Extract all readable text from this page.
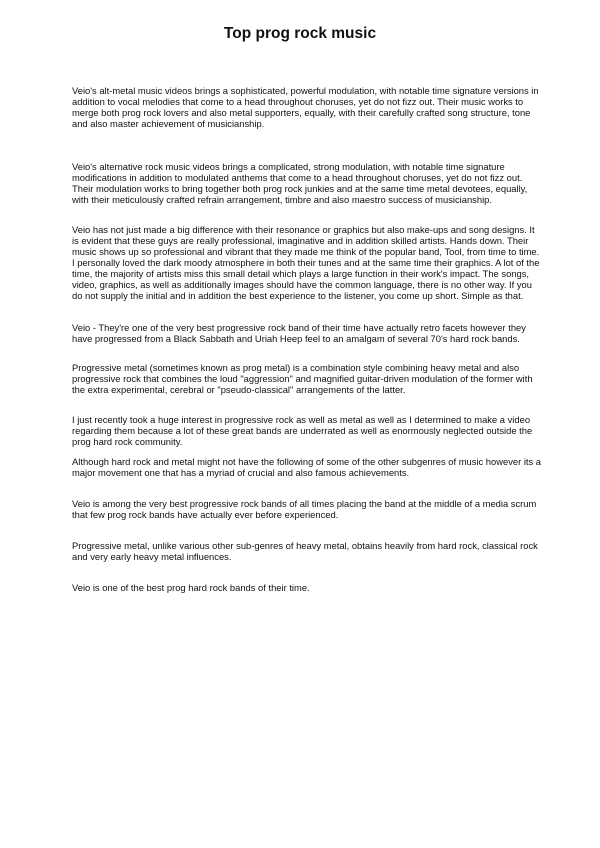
Top prog rock music

Veio's alt-metal music videos brings a sophisticated, powerful modulation, with notable time signature versions in addition to vocal melodies that come to a head throughout choruses, yet do not fizz out. Their music works to merge both prog rock lovers and also metal supporters, equally, with their carefully crafted song structure, tone and also master achievement of musicianship.

Veio's alternative rock music videos brings a complicated, strong modulation, with notable time signature modifications in addition to modulated anthems that come to a head throughout choruses, yet do not fizz out. Their modulation works to bring together both prog rock junkies and at the same time metal devotees, equally, with their meticulously crafted refrain arrangement, timbre and also maestro success of musicianship.

Veio has not just made a big difference with their resonance or graphics but also make-ups and song designs. It is evident that these guys are really professional, imaginative and in addition skilled artists. Hands down. Their music shows up so professional and vibrant that they made me think of the popular band, Tool, from time to time. I personally loved the dark moody atmosphere in both their tunes and at the same time their graphics. A lot of the time, the majority of artists miss this small detail which plays a large function in their work's impact. The songs, video, graphics, as well as additionally images should have the common language, there is no other way. If you do not supply the initial and in addition the best experience to the listener, you come up short. Simple as that.

Veio - They're one of the very best progressive rock band of their time have actually retro facets however they have progressed from a Black Sabbath and Uriah Heep feel to an amalgam of several 70's hard rock bands.

Progressive metal (sometimes known as prog metal) is a combination style combining heavy metal and also progressive rock that combines the loud "aggression" and magnified guitar-driven modulation of the former with the extra experimental, cerebral or "pseudo-classical" arrangements of the latter.

I just recently took a huge interest in progressive rock as well as metal as well as I determined to make a video regarding them because a lot of these great bands are underrated as well as enormously neglected outside the prog hard rock community.

Although hard rock and metal might not have the following of some of the other subgenres of music however its a major movement one that has a myriad of crucial and also famous achievements.

Veio is among the very best progressive rock bands of all times placing the band at the middle of a media scrum that few prog rock bands have actually ever before experienced.

Progressive metal, unlike various other sub-genres of heavy metal, obtains heavily from hard rock, classical rock and very early heavy metal influences.

Veio is one of the best prog hard rock bands of their time.
